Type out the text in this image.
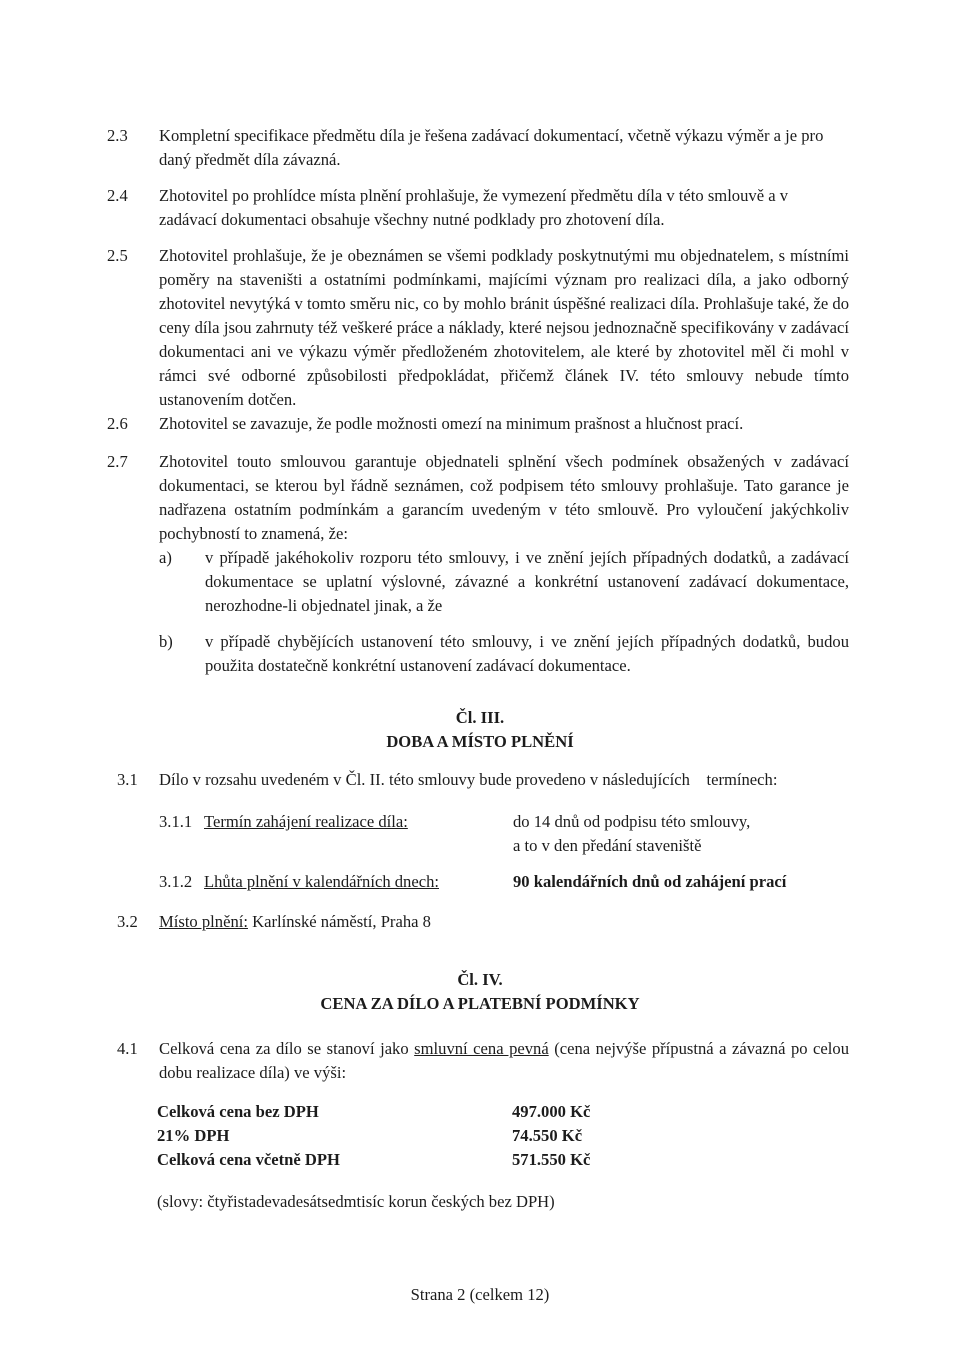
2.3 Kompletní specifikace předmětu díla je řešena zadávací dokumentací, včetně výkazu výměr a je pro daný předmět díla závazná.

2.4 Zhotovitel po prohlídce místa plnění prohlašuje, že vymezení předmětu díla v této smlouvě a v zadávací dokumentaci obsahuje všechny nutné podklady pro zhotovení díla.

2.5 Zhotovitel prohlašuje, že je obeznámen se všemi podklady poskytnutými mu objednatelem, s místními poměry na staveništi a ostatními podmínkami, majícími význam pro realizaci díla, a jako odborný zhotovitel nevytýká v tomto směru nic, co by mohlo bránit úspěšné realizaci díla. Prohlašuje také, že do ceny díla jsou zahrnuty též veškeré práce a náklady, které nejsou jednoznačně specifikovány v zadávací dokumentaci ani ve výkazu výměr předloženém zhotovitelem, ale které by zhotovitel měl či mohl v rámci své odborné způsobilosti předpokládat, přičemž článek IV. této smlouvy nebude tímto ustanovením dotčen.

2.6 Zhotovitel se zavazuje, že podle možnosti omezí na minimum prašnost a hlučnost prací.

2.7 Zhotovitel touto smlouvou garantuje objednateli splnění všech podmínek obsažených v zadávací dokumentaci, se kterou byl řádně seznámen, což podpisem této smlouvy prohlašuje. Tato garance je nadřazena ostatním podmínkám a garancím uvedeným v této smlouvě. Pro vyloučení jakýchkoliv pochybností to znamená, že:

a) v případě jakéhokoliv rozporu této smlouvy, i ve znění jejích případných dodatků, a zadávací dokumentace se uplatní výslovné, závazné a konkrétní ustanovení zadávací dokumentace, nerozhodne-li objednatel jinak, a že
b) v případě chybějících ustanovení této smlouvy, i ve znění jejích případných dodatků, budou použita dostatečně konkrétní ustanovení zadávací dokumentace.
Čl. III.
DOBA A MÍSTO PLNĚNÍ
3.1 Dílo v rozsahu uvedeném v Čl. II. této smlouvy bude provedeno v následujících    termínech:
3.1.1 Termín zahájení realizace díla:	do 14 dnů od podpisu této smlouvy,
a to v den předání staveniště
3.1.2 Lhůta plnění v kalendářních dnech:	90 kalendářních dnů od zahájení prací
3.2 Místo plnění: Karlínské náměstí, Praha 8
Čl. IV.
CENA ZA DÍLO A PLATEBNÍ PODMÍNKY
4.1 Celková cena za dílo se stanoví jako smluvní cena pevná (cena nejvýše přípustná a závazná po celou dobu realizace díla) ve výši:
Celková cena bez DPH	497.000 Kč
21% DPH	74.550 Kč
Celková cena včetně DPH	571.550 Kč
(slovy: čtyřistadevadesátsedmtisíc korun českých bez DPH)
Strana 2 (celkem 12)
